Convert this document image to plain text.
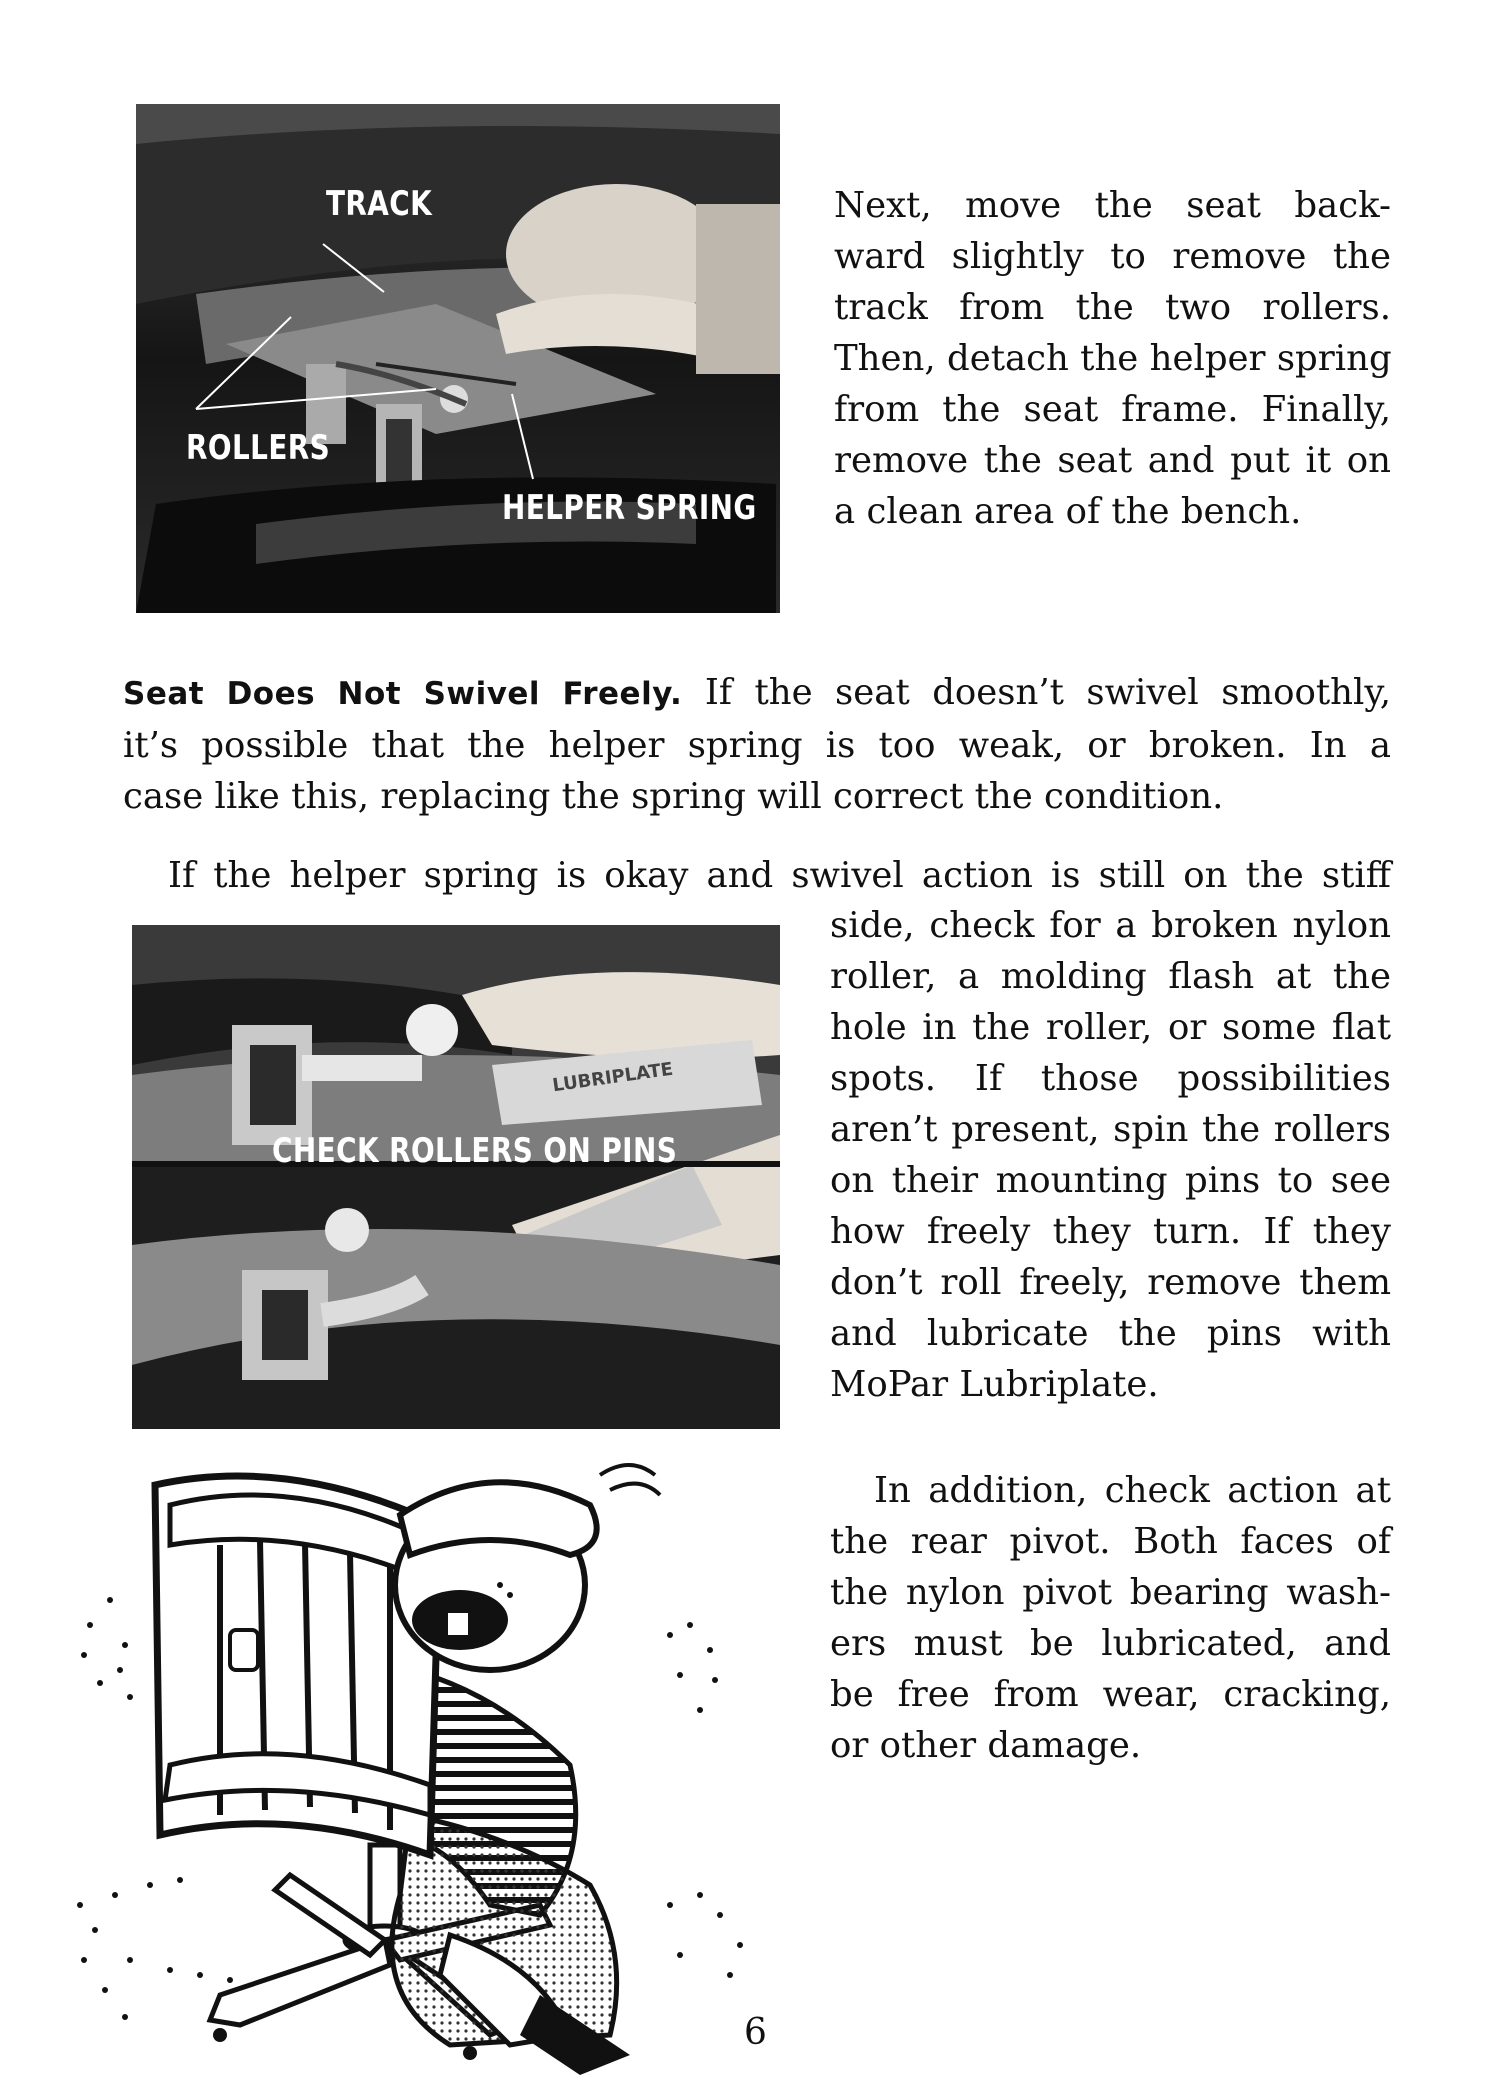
TRACK
ROLLERS
HELPER SPRING
Next, move the seat back-
ward slightly to remove the
track from the two rollers.
Then, detach the helper spring
from the seat frame. Finally,
remove the seat and put it on
a clean area of the bench.
Seat Does Not Swivel Freely. If the seat doesn’t swivel smoothly,
it’s possible that the helper spring is too weak, or broken. In a
case like this, replacing the spring will correct the condition.
If the helper spring is okay and swivel action is still on the stiff
CHECK ROLLERS ON PINS
LUBRIPLATE
side, check for a broken nylon
roller, a molding flash at the
hole in the roller, or some flat
spots. If those possibilities
aren’t present, spin the rollers
on their mounting pins to see
how freely they turn. If they
don’t roll freely, remove them
and lubricate the pins with
MoPar Lubriplate.
In addition, check action at
the rear pivot. Both faces of
the nylon pivot bearing wash-
ers must be lubricated, and
be free from wear, cracking,
or other damage.
6
